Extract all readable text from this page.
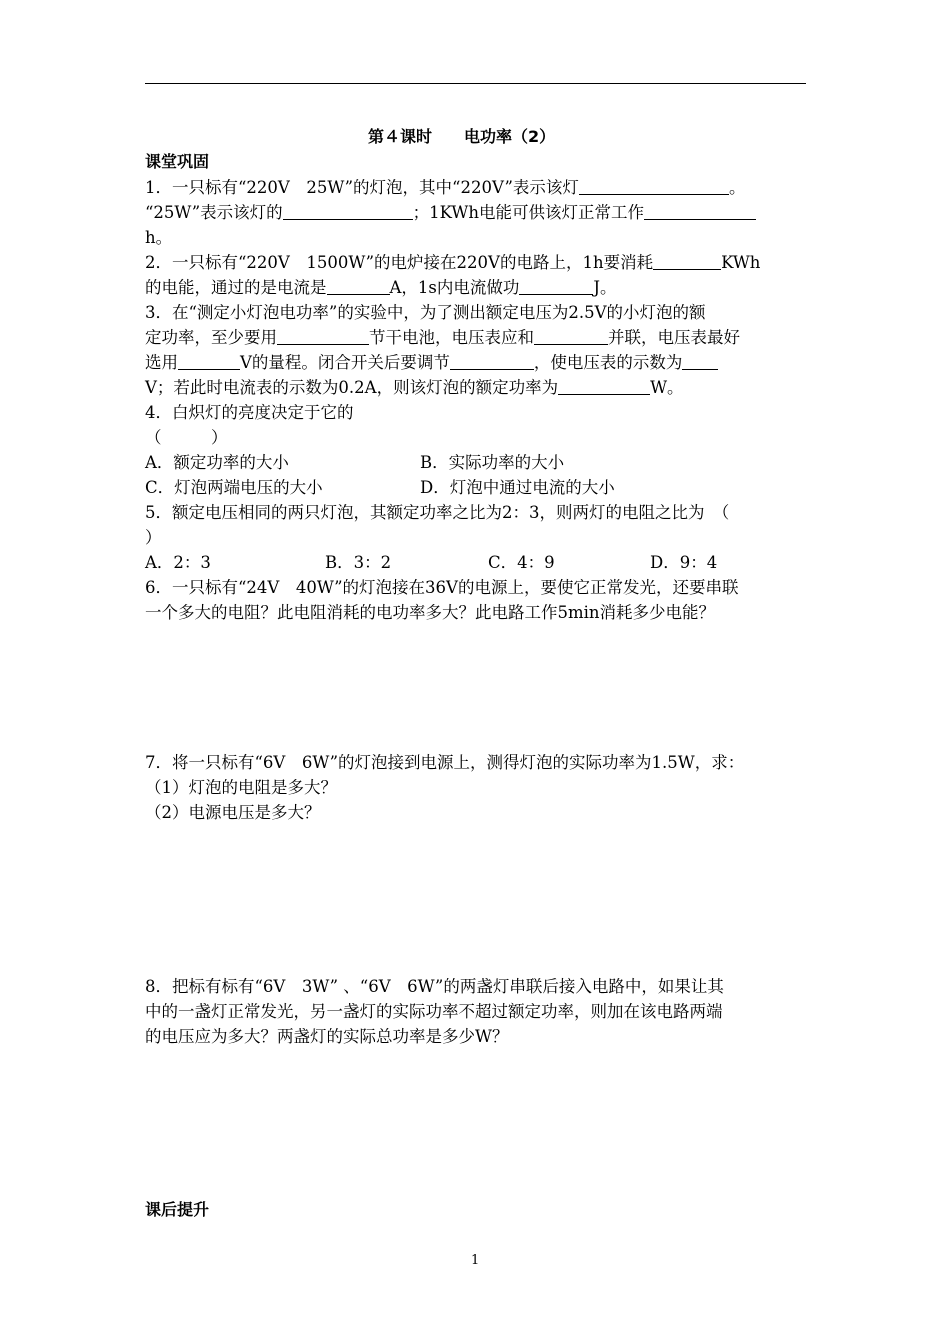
第４课时　　电功率（2）
课堂巩固
1．一只标有“220V　25W”的灯泡，其中“220V”表示该灯	。
“25W”表示该灯的	；1KWh电能可供该灯正常工作
h。
2．一只标有“220V　1500W”的电炉接在220V的电路上，1h要消耗	KWh
的电能，通过的是电流是	A，1s内电流做功	J。
3．在“测定小灯泡电功率”的实验中，为了测出额定电压为2.5V的小灯泡的额
定功率，至少要用	节干电池，电压表应和	并联，电压表最好
选用	V的量程。闭合开关后要调节	，使电压表的示数为
V；若此时电流表的示数为0.2A，则该灯泡的额定功率为	W。
4．白炽灯的亮度决定于它的
（　　　）
A．额定功率的大小	B．实际功率的大小
C．灯泡两端电压的大小	D．灯泡中通过电流的大小
5．额定电压相同的两只灯泡，其额定功率之比为2：3，则两灯的电阻之比为　（
）
A．2：3	B．3：2	C．4：9	D．9：4
6．一只标有“24V　40W”的灯泡接在36V的电源上，要使它正常发光，还要串联
一个多大的电阻？此电阻消耗的电功率多大？此电路工作5min消耗多少电能？
7．将一只标有“6V　6W”的灯泡接到电源上，测得灯泡的实际功率为1.5W，求：
（1）灯泡的电阻是多大？
（2）电源电压是多大？
8．把标有标有“6V　3W” 、“6V　6W”的两盏灯串联后接入电路中，如果让其
中的一盏灯正常发光，另一盏灯的实际功率不超过额定功率，则加在该电路两端
的电压应为多大？两盏灯的实际总功率是多少W？
课后提升
1
